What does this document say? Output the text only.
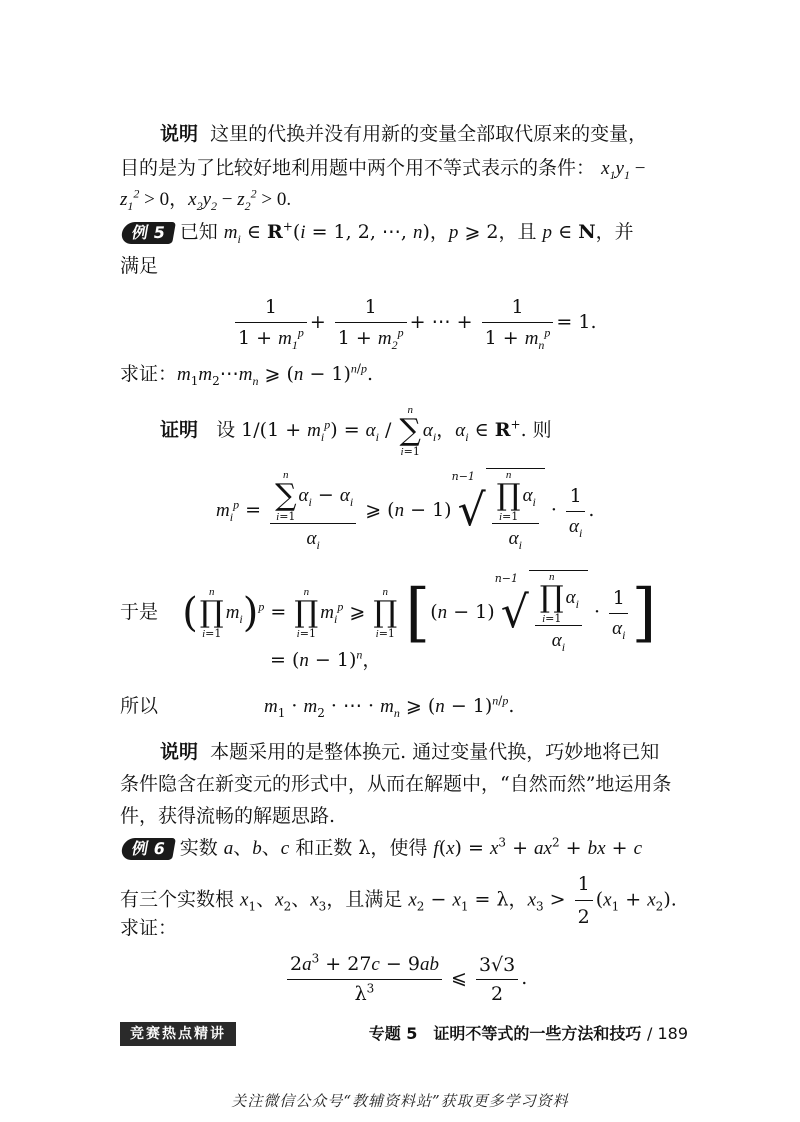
说明 这里的代换并没有用新的变量全部取代原来的变量，
目的是为了比较好地利用题中两个用不等式表示的条件： $x_1y_1$ −
$z_1^2 > 0$，$x_2y_2 - z_2^2 > 0$.
例 5 已知 $m_i$ ∈ R+(i = 1, 2, ⋯, n)，p ⩾ 2，且 p ∈ N，并
满足
$\frac{1}{1 + m_1^p} + \frac{1}{1 + m_2^p}$ + ⋯ + $\frac{1}{1 + m_n^p} = 1$.
求证：$m_1m_2\cdots m_n$ ⩾ $(n - 1)^{n/p}$.
证明   设 $1/(1 + m_i^p) = \alpha_i$ /
n
∑
i=1
$\alpha_i$，$\alpha_i$ ∈ R+. 则
$m_i^p = n$
∑
i=1
$\alpha_i - \alpha_i$
$\alpha_i$ ⩾ (n − 1)
n−1
√ n
∏
i=1
$\alpha_i$
$\alpha_i \cdot \frac{1}{\alpha_i}$ .
于是 (	n
∏
i=1
$m_i)^p$ =
n
∏
i=1
$m_i^p$ ⩾
n
∏
i=1 [(n − 1)
n−1
√ n
∏
i=1
$\alpha_i$
$\alpha_i \cdot \frac{1}{\alpha_i}$ ]
= $(n - 1)^n$，
所以	$m_1 \cdot m_2$ · ⋯ · $m_n$ ⩾ $(n - 1)^{n/p}$.
说明 本题采用的是整体换元. 通过变量代换，巧妙地将已知
条件隐含在新变元的形式中，从而在解题中，“自然而然”地运用条
件，获得流畅的解题思路.
例 6 实数 a、b、c 和正数 λ，使得 $f(x) = x^3 + ax^2$ + bx + c
有三个实数根 $x_1$、$x_2$、$x_3$，且满足 $x_2 - x_1 = \lambda$，$x_3 > \frac{1}{2} (x_1 + x_2)$.
求证：
$\frac{2a^3 + 27c - 9ab}{\lambda^3}$ ⩽ $\frac{3√3}{2}$ .
竞赛热点精讲	专题 5　证明不等式的一些方法和技巧 / 189
关注微信公众号“教辅资料站”获取更多学习资料
